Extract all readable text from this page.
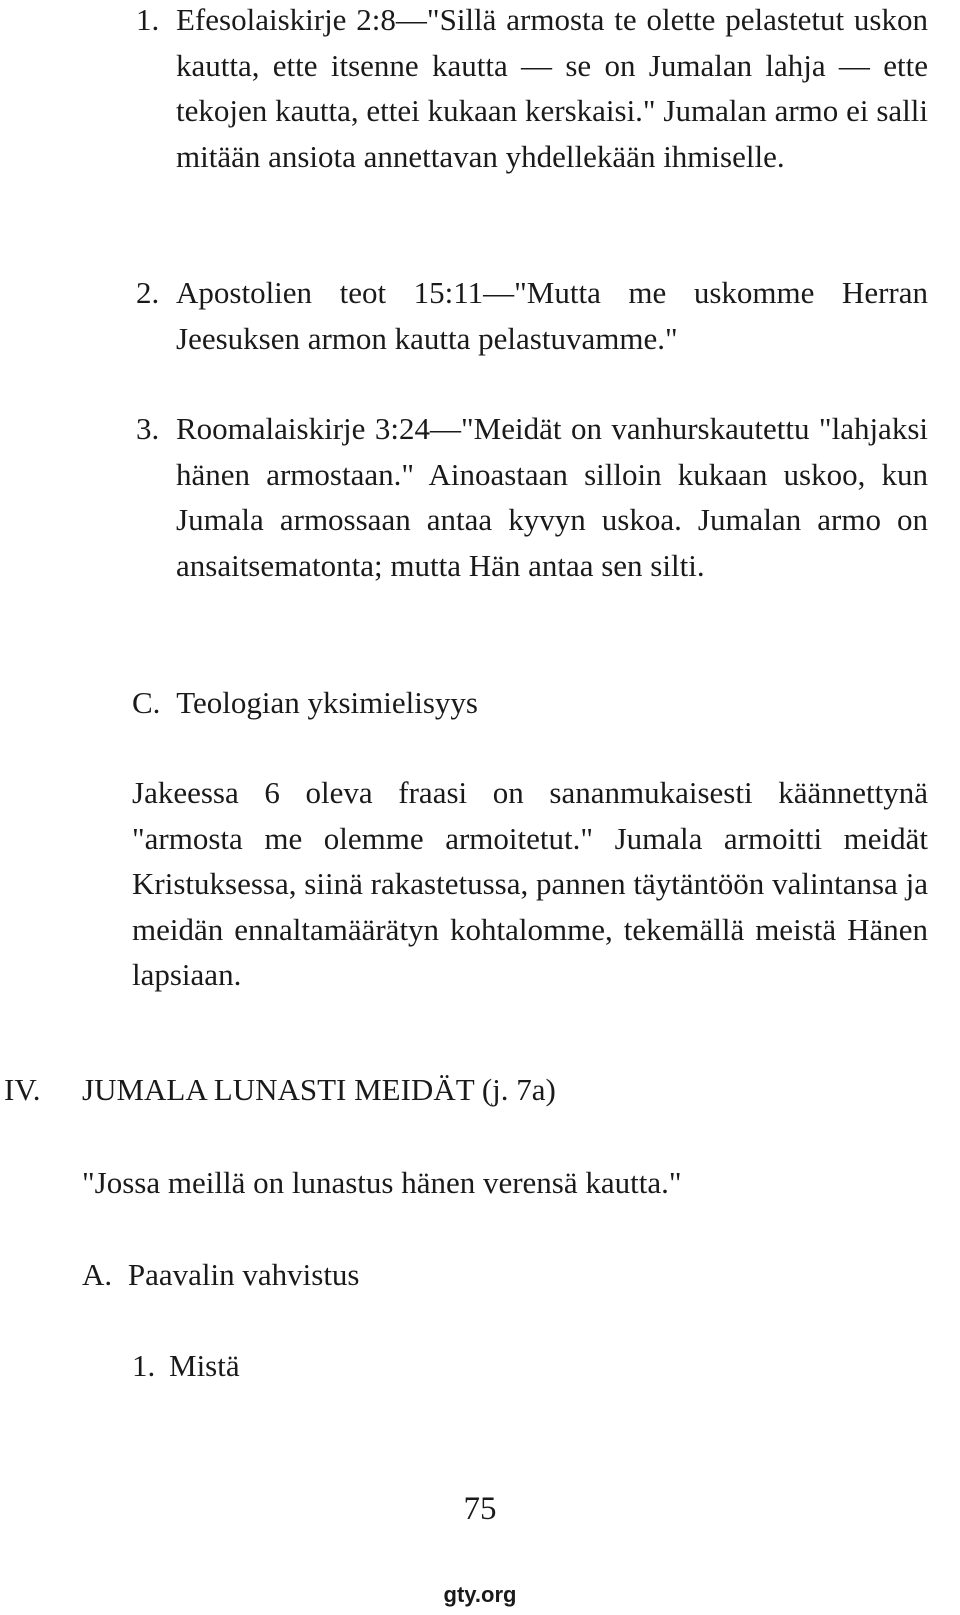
1. Efesolaiskirje 2:8—"Sillä armosta te olette pelastetut uskon kautta, ette itsenne kautta — se on Jumalan lahja — ette tekojen kautta, ettei kukaan kerskaisi." Jumalan armo ei salli mitään ansiota annettavan yhdellekään ihmiselle.
2. Apostolien teot 15:11—"Mutta me uskomme Herran Jeesuksen armon kautta pelastuvamme."
3. Roomalaiskirje 3:24—"Meidät on vanhurskautettu "lahjaksi hänen armostaan." Ainoastaan silloin kukaan uskoo, kun Jumala armossaan antaa kyvyn uskoa. Jumalan armo on ansaitsematonta; mutta Hän antaa sen silti.
C. Teologian yksimielisyys
Jakeessa 6 oleva fraasi on sananmukaisesti käännettynä "armosta me olemme armoitetut." Jumala armoitti meidät Kristuksessa, siinä rakastetussa, pannen täytäntöön valintansa ja meidän ennaltamäärätyn kohtalomme, tekemällä meistä Hänen lapsiaan.
IV. JUMALA LUNASTI MEIDÄT (j. 7a)
"Jossa meillä on lunastus hänen verensä kautta."
A. Paavalin vahvistus
1. Mistä
75
gty.org
